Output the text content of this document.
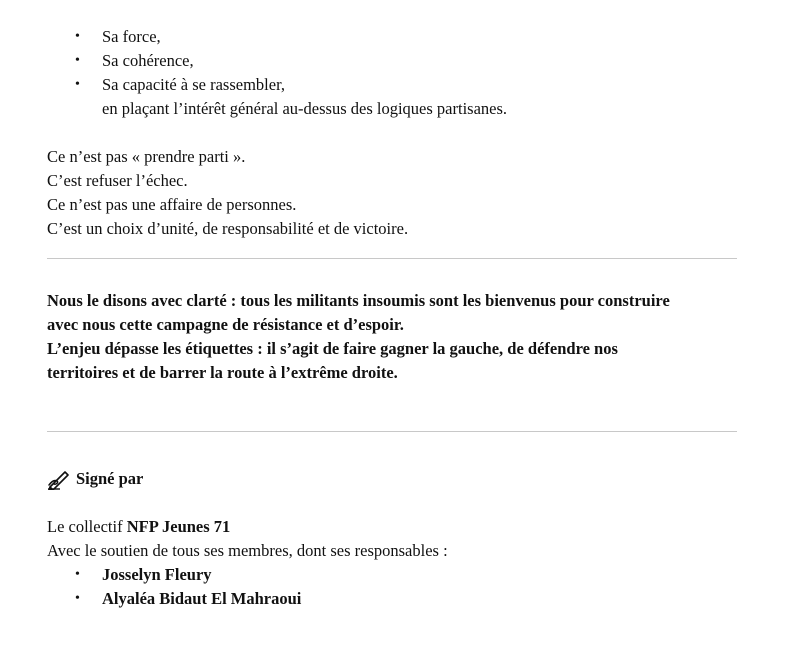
• Sa force,
• Sa cohérence,
• Sa capacité à se rassembler,
en plaçant l’intérêt général au-dessus des logiques partisanes.
Ce n’est pas « prendre parti ».
C’est refuser l’échec.
Ce n’est pas une affaire de personnes.
C’est un choix d’unité, de responsabilité et de victoire.
Nous le disons avec clarté : tous les militants insoumis sont les bienvenus pour construire
avec nous cette campagne de résistance et d’espoir.
L’enjeu dépasse les étiquettes : il s’agit de faire gagner la gauche, de défendre nos
territoires et de barrer la route à l’extrême droite.
Signé par
Le collectif NFP Jeunes 71
Avec le soutien de tous ses membres, dont ses responsables :
• Josselyn Fleury
• Alyaléa Bidaut El Mahraoui
